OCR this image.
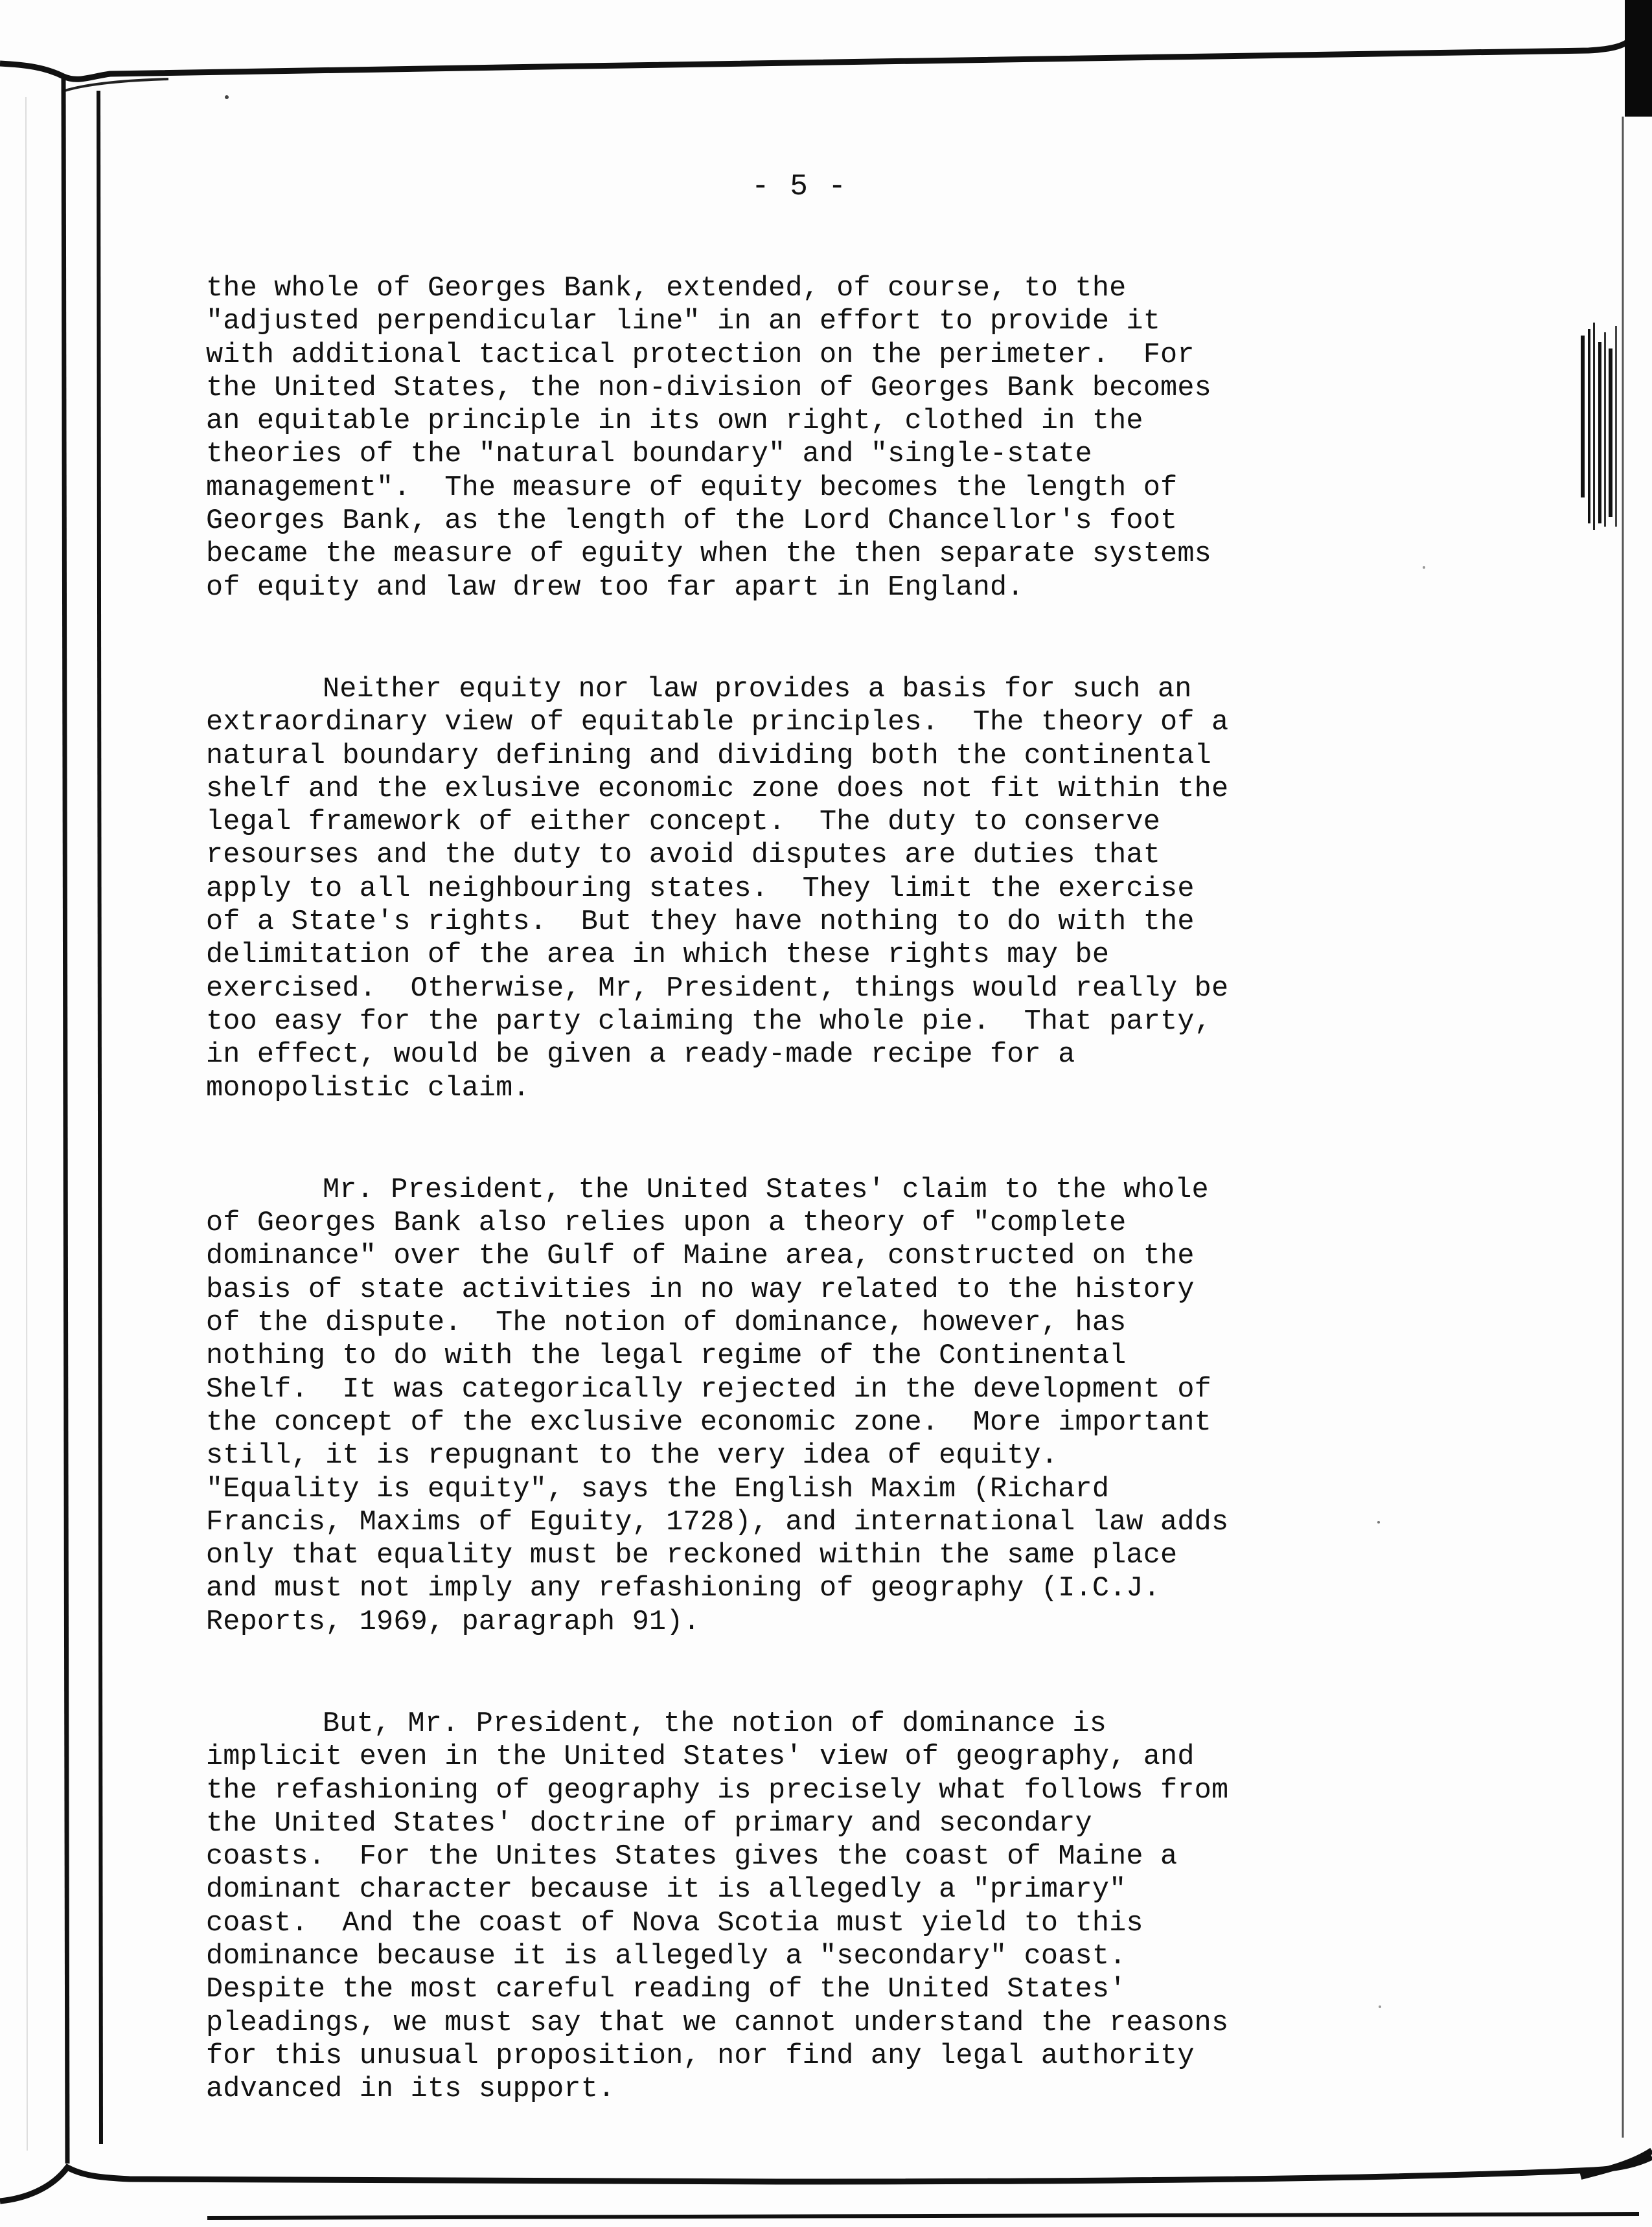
- 5 -
the whole of Georges Bank, extended, of course, to the
"adjusted perpendicular line" in an effort to provide it
with additional tactical protection on the perimeter.  For
the United States, the non-division of Georges Bank becomes
an equitable principle in its own right, clothed in the
theories of the "natural boundary" and "single-state
management".  The measure of equity becomes the length of
Georges Bank, as the length of the Lord Chancellor's foot
became the measure of eguity when the then separate systems
of equity and law drew too far apart in England.
Neither equity nor law provides a basis for such an
extraordinary view of equitable principles.  The theory of a
natural boundary defining and dividing both the continental
shelf and the exlusive economic zone does not fit within the
legal framework of either concept.  The duty to conserve
resourses and the duty to avoid disputes are duties that
apply to all neighbouring states.  They limit the exercise
of a State's rights.  But they have nothing to do with the
delimitation of the area in which these rights may be
exercised.  Otherwise, Mr, President, things would really be
too easy for the party claiming the whole pie.  That party,
in effect, would be given a ready-made recipe for a
monopolistic claim.
Mr. President, the United States' claim to the whole
of Georges Bank also relies upon a theory of "complete
dominance" over the Gulf of Maine area, constructed on the
basis of state activities in no way related to the history
of the dispute.  The notion of dominance, however, has
nothing to do with the legal regime of the Continental
Shelf.  It was categorically rejected in the development of
the concept of the exclusive economic zone.  More important
still, it is repugnant to the very idea of equity.
"Equality is equity", says the English Maxim (Richard
Francis, Maxims of Eguity, 1728), and international law adds
only that equality must be reckoned within the same place
and must not imply any refashioning of geography (I.C.J.
Reports, 1969, paragraph 91).
But, Mr. President, the notion of dominance is
implicit even in the United States' view of geography, and
the refashioning of geography is precisely what follows from
the United States' doctrine of primary and secondary
coasts.  For the Unites States gives the coast of Maine a
dominant character because it is allegedly a "primary"
coast.  And the coast of Nova Scotia must yield to this
dominance because it is allegedly a "secondary" coast.
Despite the most careful reading of the United States'
pleadings, we must say that we cannot understand the reasons
for this unusual proposition, nor find any legal authority
advanced in its support.
